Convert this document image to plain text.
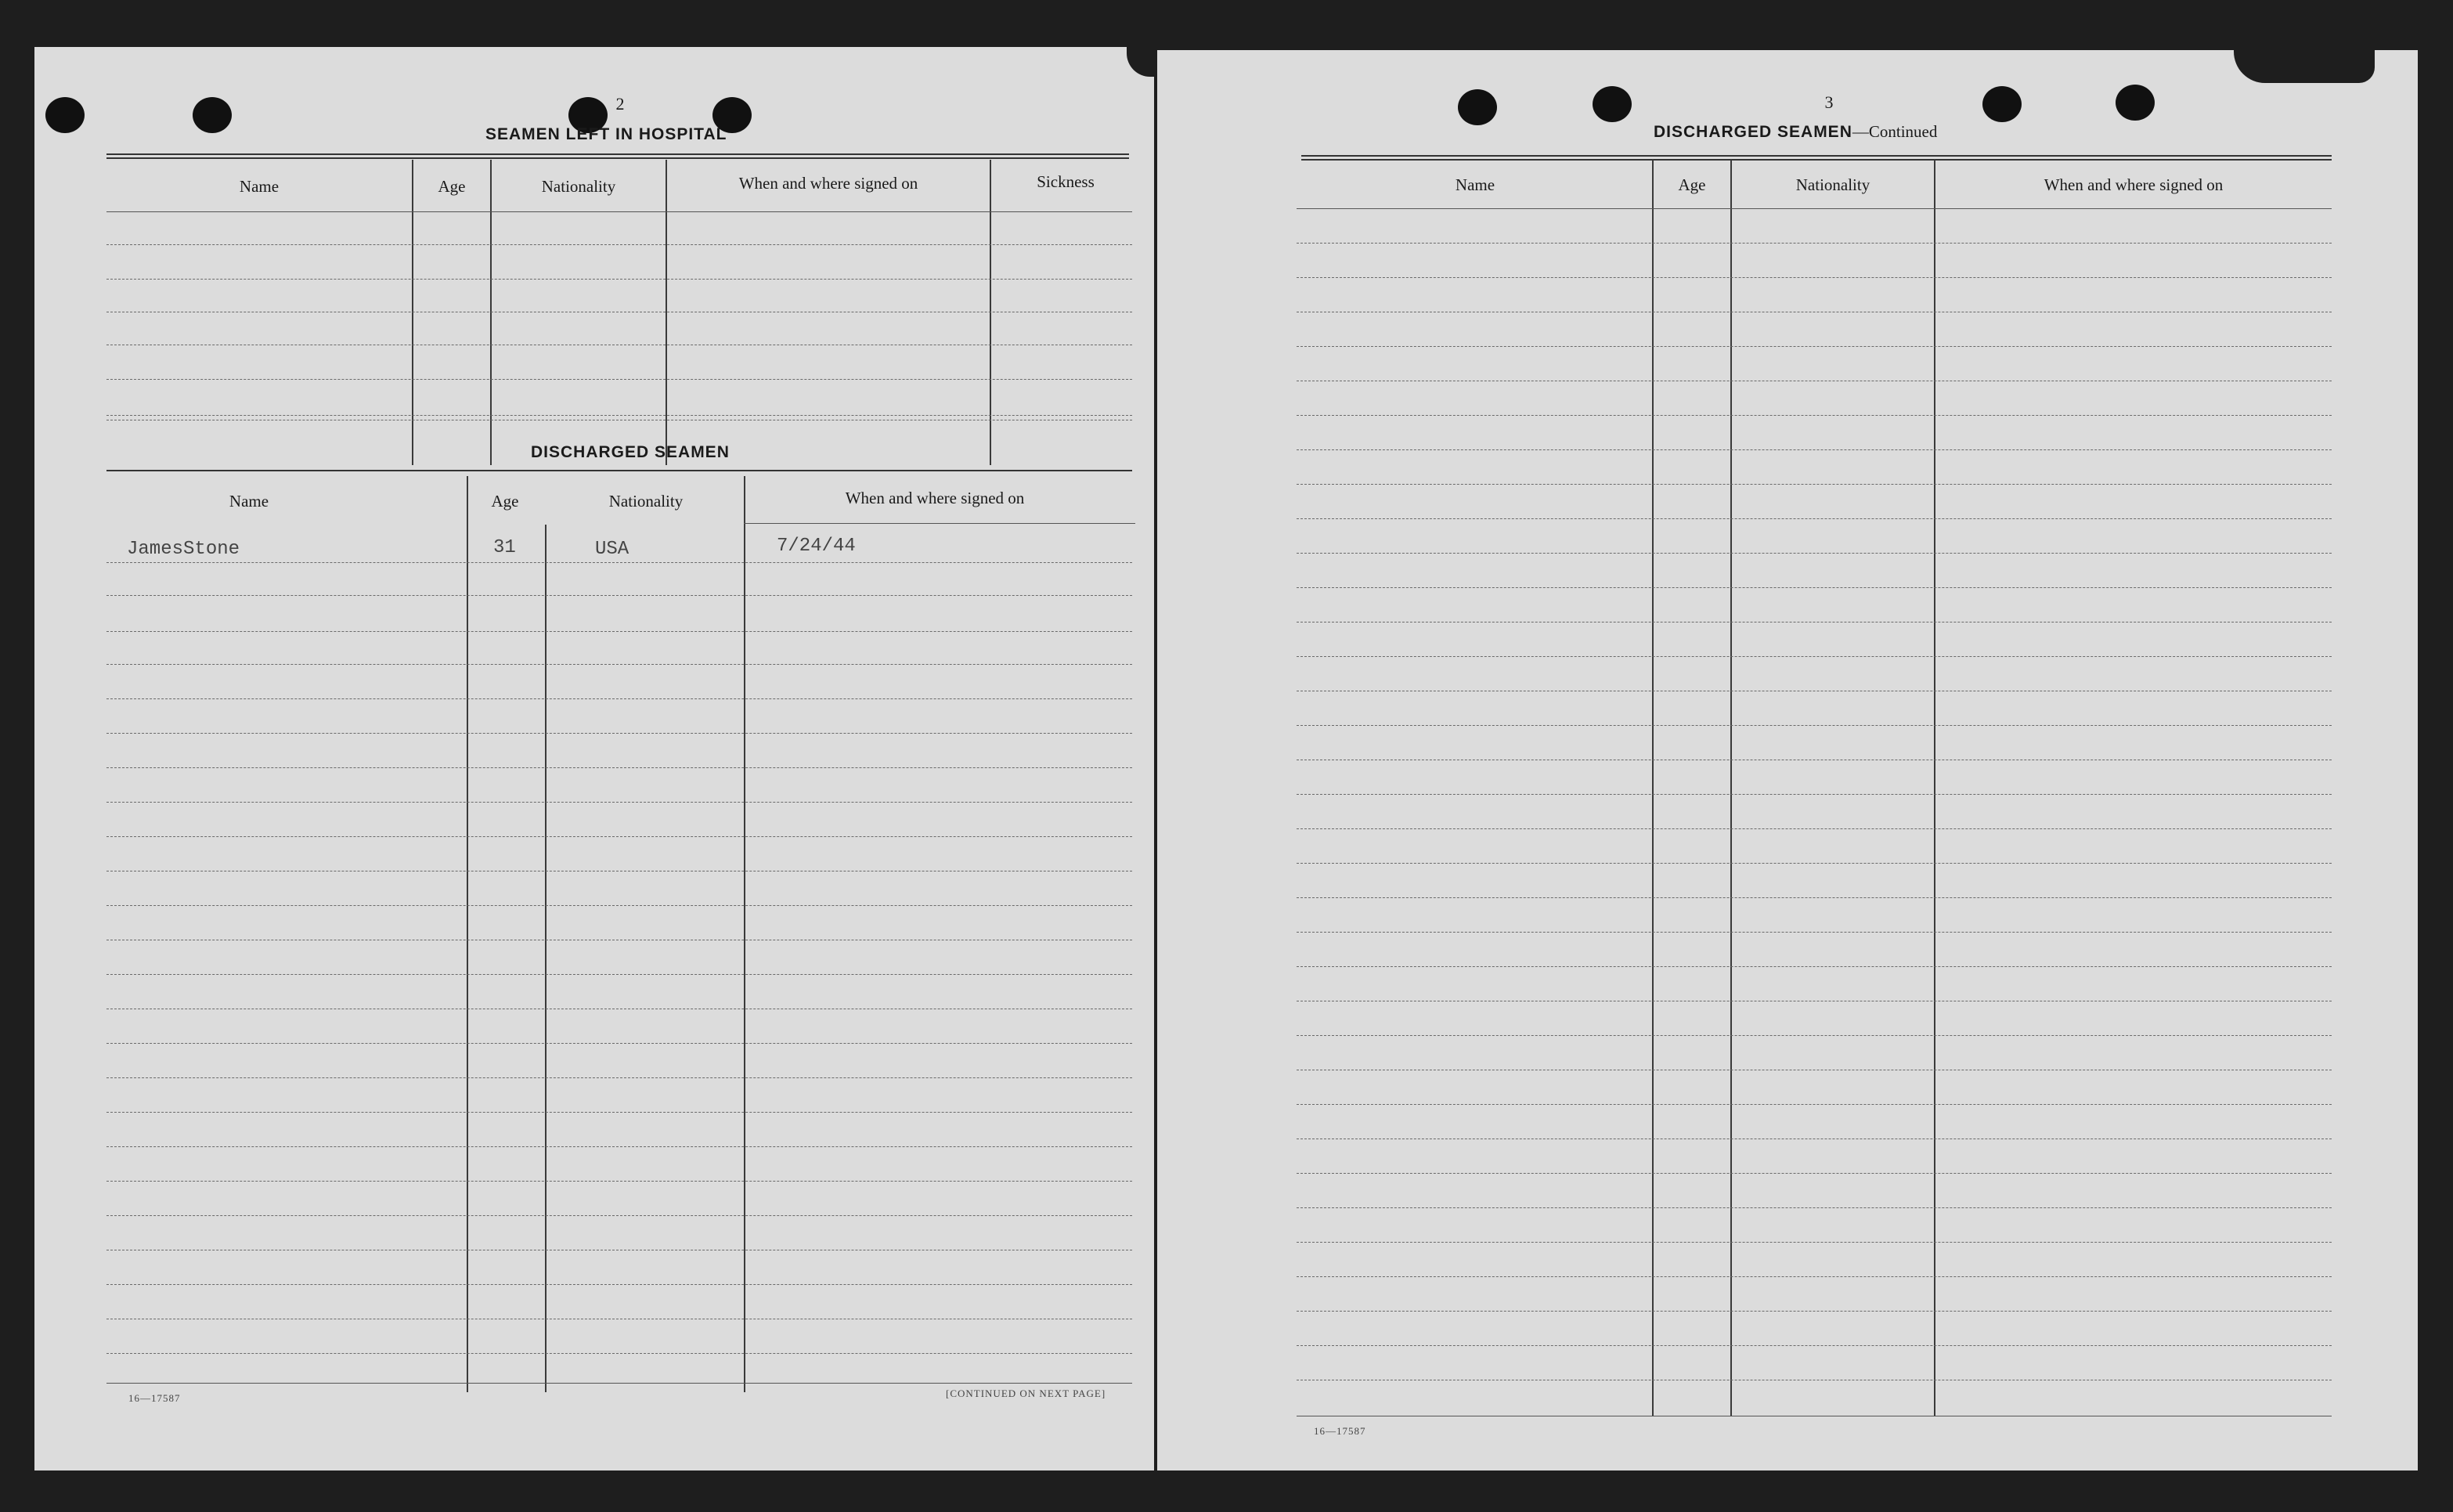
2
SEAMEN LEFT IN HOSPITAL
Name	Age	Nationality	When and where signed on	Sickness
DISCHARGED SEAMEN
Name	Age	Nationality	When and where signed on
JamesStone	31	USA	7/24/44
16—17587	[CONTINUED ON NEXT PAGE]
3
DISCHARGED SEAMEN—Continued
Name	Age	Nationality	When and where signed on
16—17587
